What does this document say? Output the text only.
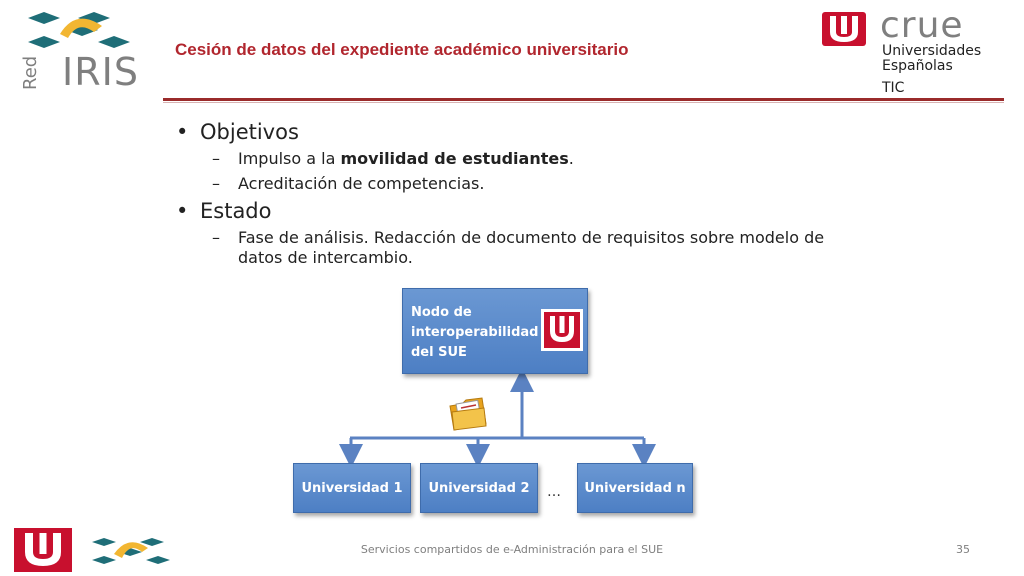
Red IRIS
Cesión de datos del expediente académico universitario
crue
Universidades
Españolas
TIC
• Objetivos
– Impulso a la movilidad de estudiantes.
– Acreditación de competencias.
• Estado
–	Fase de análisis. Redacción de documento de requisitos sobre modelo de datos de intercambio.
Nodo de
interoperabilidad
del SUE
Universidad 1 Universidad 2 … Universidad n
Servicios compartidos de e-Administración para el SUE	35
